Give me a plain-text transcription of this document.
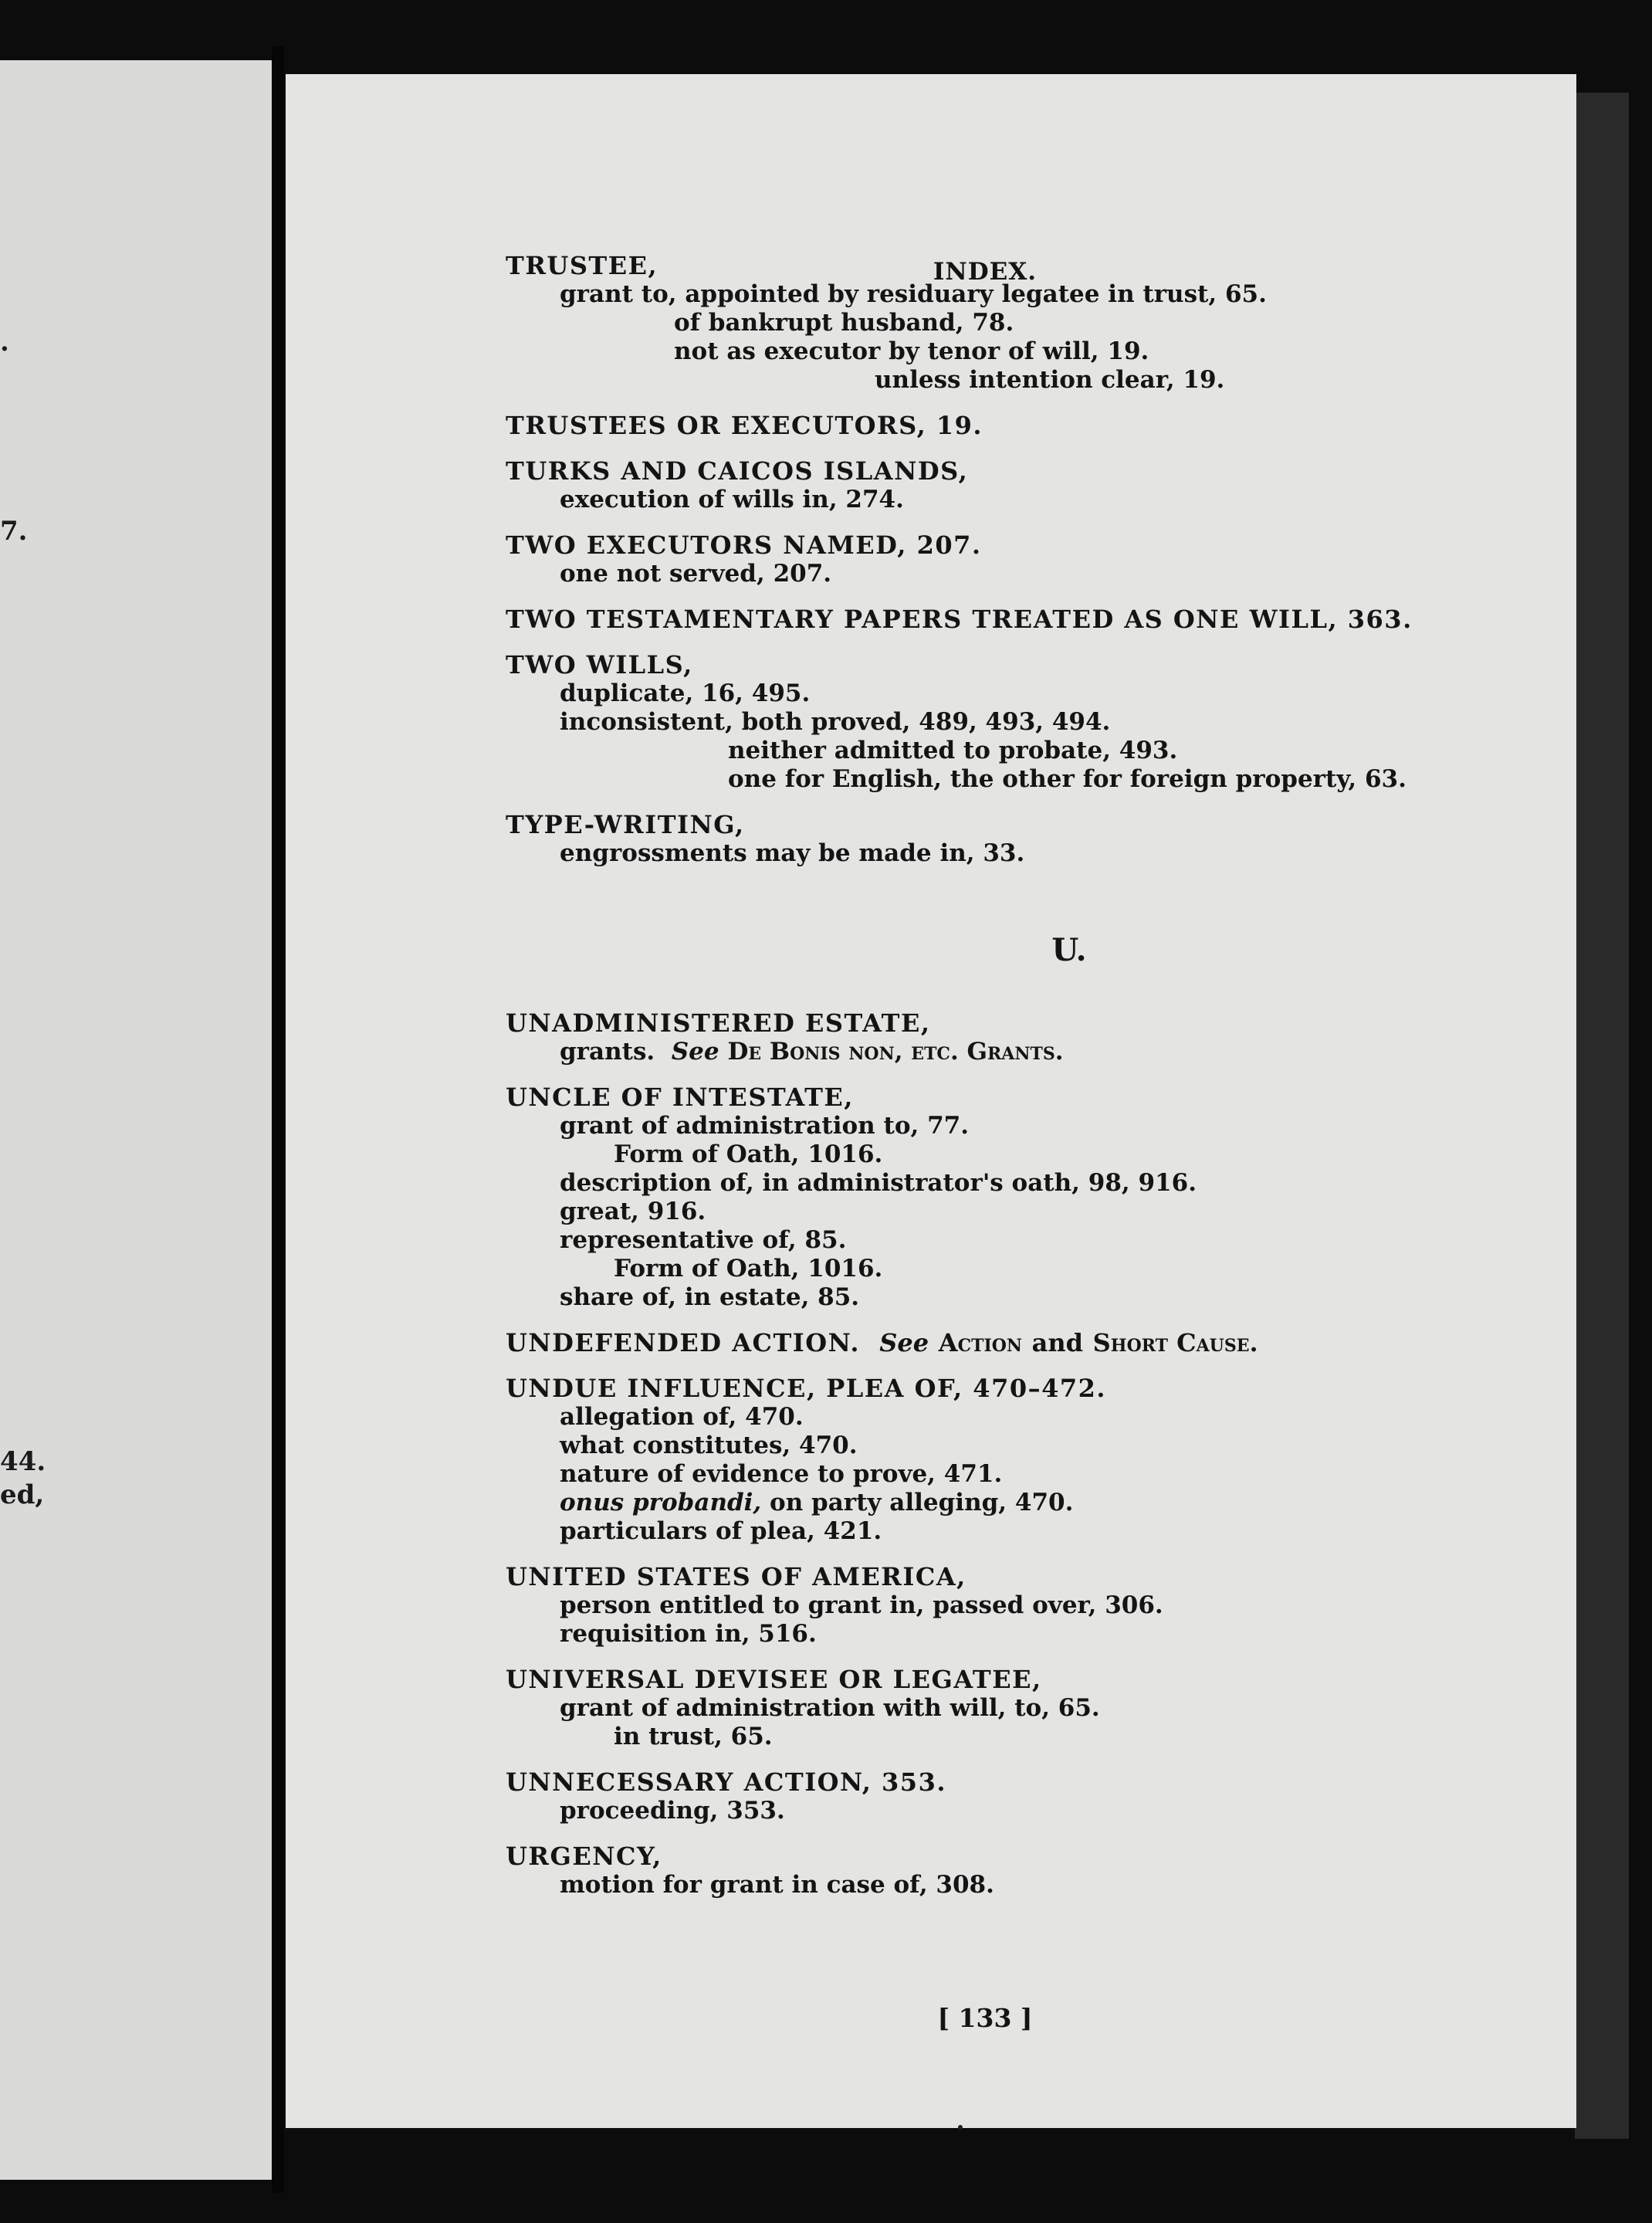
.
7.
44.
ed,
INDEX.
TRUSTEE,
grant to, appointed by residuary legatee in trust, 65.
of bankrupt husband, 78.
not as executor by tenor of will, 19.
unless intention clear, 19.
TRUSTEES OR EXECUTORS, 19.
TURKS AND CAICOS ISLANDS,
execution of wills in, 274.
TWO EXECUTORS NAMED, 207.
one not served, 207.
TWO TESTAMENTARY PAPERS TREATED AS ONE WILL, 363.
TWO WILLS,
duplicate, 16, 495.
inconsistent, both proved, 489, 493, 494.
neither admitted to probate, 493.
one for English, the other for foreign property, 63.
TYPE-WRITING,
engrossments may be made in, 33.
U.
UNADMINISTERED ESTATE,
grants. See De Bonis non, etc. Grants.
UNCLE OF INTESTATE,
grant of administration to, 77.
Form of Oath, 1016.
description of, in administrator's oath, 98, 916.
great, 916.
representative of, 85.
Form of Oath, 1016.
share of, in estate, 85.
UNDEFENDED ACTION. See Action and Short Cause.
UNDUE INFLUENCE, PLEA OF, 470–472.
allegation of, 470.
what constitutes, 470.
nature of evidence to prove, 471.
onus probandi, on party alleging, 470.
particulars of plea, 421.
UNITED STATES OF AMERICA,
person entitled to grant in, passed over, 306.
requisition in, 516.
UNIVERSAL DEVISEE OR LEGATEE,
grant of administration with will, to, 65.
in trust, 65.
UNNECESSARY ACTION, 353.
proceeding, 353.
URGENCY,
motion for grant in case of, 308.
[ 133 ]
